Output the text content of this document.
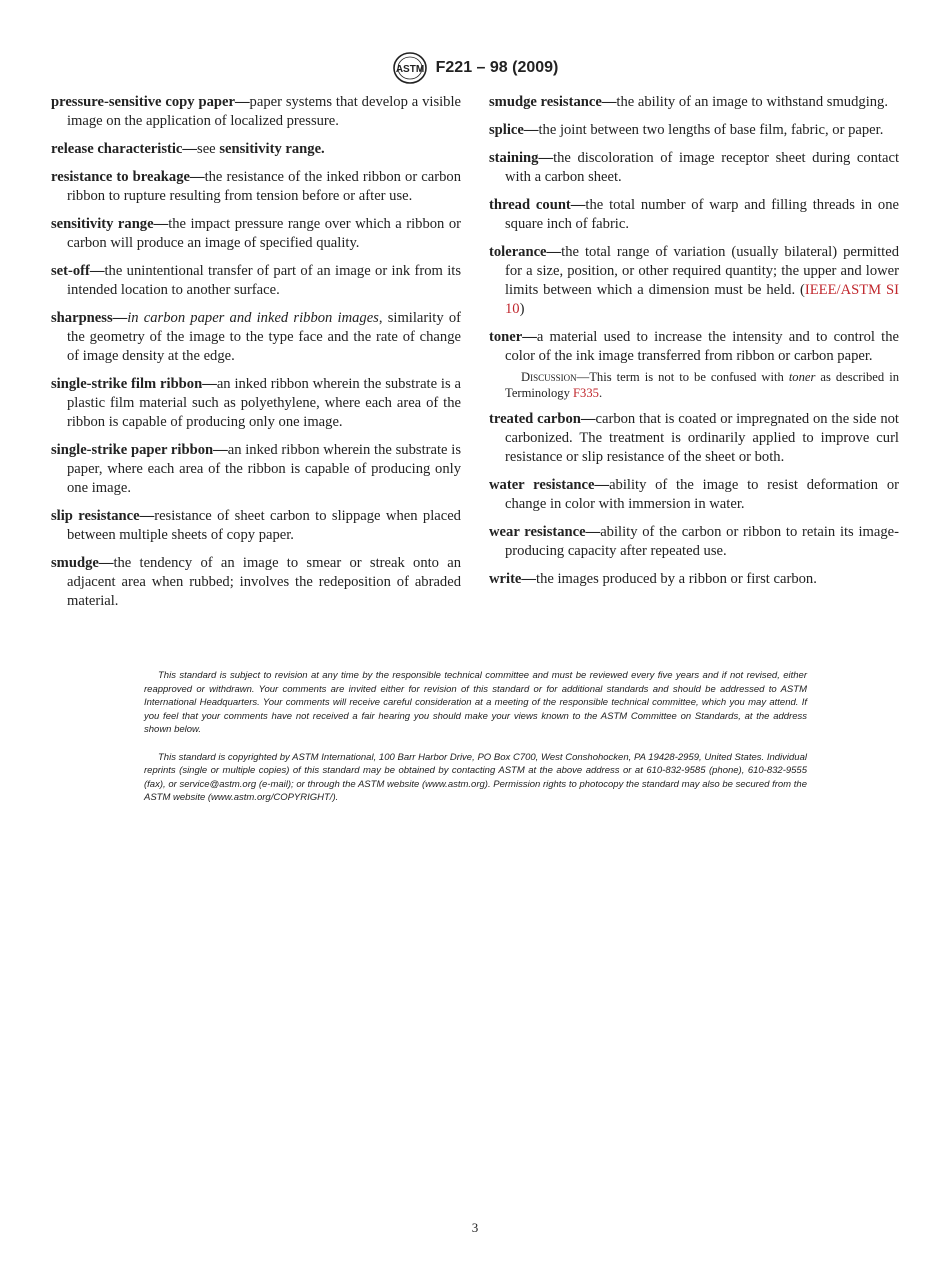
ASTM F221 – 98 (2009)

pressure-sensitive copy paper—paper systems that develop a visible image on the application of localized pressure.

release characteristic—see sensitivity range.

resistance to breakage—the resistance of the inked ribbon or carbon ribbon to rupture resulting from tension before or after use.

sensitivity range—the impact pressure range over which a ribbon or carbon will produce an image of specified quality.

set-off—the unintentional transfer of part of an image or ink from its intended location to another surface.

sharpness—in carbon paper and inked ribbon images, similarity of the geometry of the image to the type face and the rate of change of image density at the edge.

single-strike film ribbon—an inked ribbon wherein the substrate is a plastic film material such as polyethylene, where each area of the ribbon is capable of producing only one image.

single-strike paper ribbon—an inked ribbon wherein the substrate is paper, where each area of the ribbon is capable of producing only one image.

slip resistance—resistance of sheet carbon to slippage when placed between multiple sheets of copy paper.

smudge—the tendency of an image to smear or streak onto an adjacent area when rubbed; involves the redeposition of abraded material.

smudge resistance—the ability of an image to withstand smudging.

splice—the joint between two lengths of base film, fabric, or paper.

staining—the discoloration of image receptor sheet during contact with a carbon sheet.

thread count—the total number of warp and filling threads in one square inch of fabric.

tolerance—the total range of variation (usually bilateral) permitted for a size, position, or other required quantity; the upper and lower limits between which a dimension must be held. (IEEE/ASTM SI 10)

toner—a material used to increase the intensity and to control the color of the ink image transferred from ribbon or carbon paper.

Discussion—This term is not to be confused with toner as described in Terminology F335.

treated carbon—carbon that is coated or impregnated on the side not carbonized. The treatment is ordinarily applied to improve curl resistance or slip resistance of the sheet or both.

water resistance—ability of the image to resist deformation or change in color with immersion in water.

wear resistance—ability of the carbon or ribbon to retain its image-producing capacity after repeated use.

write—the images produced by a ribbon or first carbon.

This standard is subject to revision at any time by the responsible technical committee and must be reviewed every five years and if not revised, either reapproved or withdrawn. Your comments are invited either for revision of this standard or for additional standards and should be addressed to ASTM International Headquarters. Your comments will receive careful consideration at a meeting of the responsible technical committee, which you may attend. If you feel that your comments have not received a fair hearing you should make your views known to the ASTM Committee on Standards, at the address shown below.

This standard is copyrighted by ASTM International, 100 Barr Harbor Drive, PO Box C700, West Conshohocken, PA 19428-2959, United States. Individual reprints (single or multiple copies) of this standard may be obtained by contacting ASTM at the above address or at 610-832-9585 (phone), 610-832-9555 (fax), or service@astm.org (e-mail); or through the ASTM website (www.astm.org). Permission rights to photocopy the standard may also be secured from the ASTM website (www.astm.org/COPYRIGHT/).

3
